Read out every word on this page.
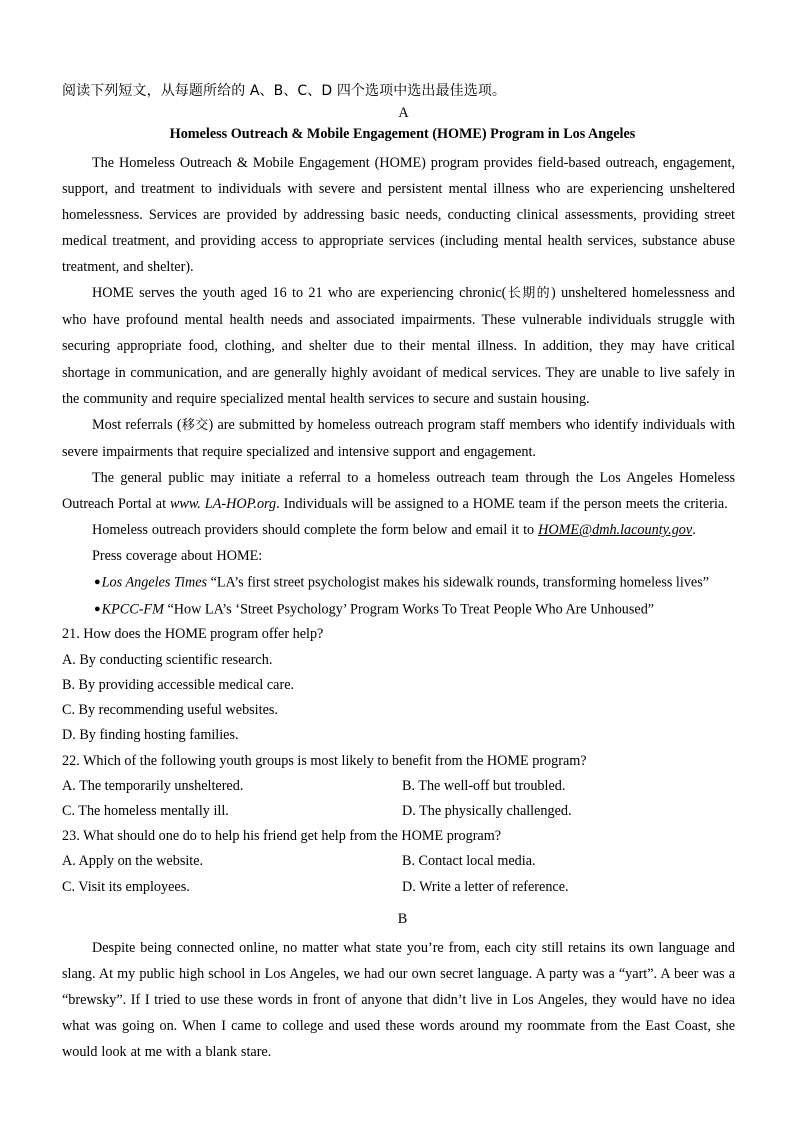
阅读下列短文，从每题所给的 A、B、C、D 四个选项中选出最佳选项。

A
Homeless Outreach & Mobile Engagement (HOME) Program in Los Angeles

The Homeless Outreach & Mobile Engagement (HOME) program provides field-based outreach, engagement, support, and treatment to individuals with severe and persistent mental illness who are experiencing unsheltered homelessness. Services are provided by addressing basic needs, conducting clinical assessments, providing street medical treatment, and providing access to appropriate services (including mental health services, substance abuse treatment, and shelter).

HOME serves the youth aged 16 to 21 who are experiencing chronic(长期的) unsheltered homelessness and who have profound mental health needs and associated impairments. These vulnerable individuals struggle with securing appropriate food, clothing, and shelter due to their mental illness. In addition, they may have critical shortage in communication, and are generally highly avoidant of medical services. They are unable to live safely in the community and require specialized mental health services to secure and sustain housing.

Most referrals (移交) are submitted by homeless outreach program staff members who identify individuals with severe impairments that require specialized and intensive support and engagement.

The general public may initiate a referral to a homeless outreach team through the Los Angeles Homeless Outreach Portal at www. LA-HOP.org. Individuals will be assigned to a HOME team if the person meets the criteria.

Homeless outreach providers should complete the form below and email it to HOME@dmh.lacounty.gov.

Press coverage about HOME:

●Los Angeles Times “LA’s first street psychologist makes his sidewalk rounds, transforming homeless lives”
●KPCC-FM “How LA’s ‘Street Psychology’ Program Works To Treat People Who Are Unhoused”
21. How does the HOME program offer help?
A. By conducting scientific research.
B. By providing accessible medical care.
C. By recommending useful websites.
D. By finding hosting families.
22. Which of the following youth groups is most likely to benefit from the HOME program?
A. The temporarily unsheltered.	B. The well-off but troubled.
C. The homeless mentally ill.	D. The physically challenged.
23. What should one do to help his friend get help from the HOME program?
A. Apply on the website.	B. Contact local media.
C. Visit its employees.	D. Write a letter of reference.
B

Despite being connected online, no matter what state you’re from, each city still retains its own language and slang. At my public high school in Los Angeles, we had our own secret language. A party was a “yart”. A beer was a “brewsky”. If I tried to use these words in front of anyone that didn’t live in Los Angeles, they would have no idea what was going on. When I came to college and used these words around my roommate from the East Coast, she would look at me with a blank stare.
